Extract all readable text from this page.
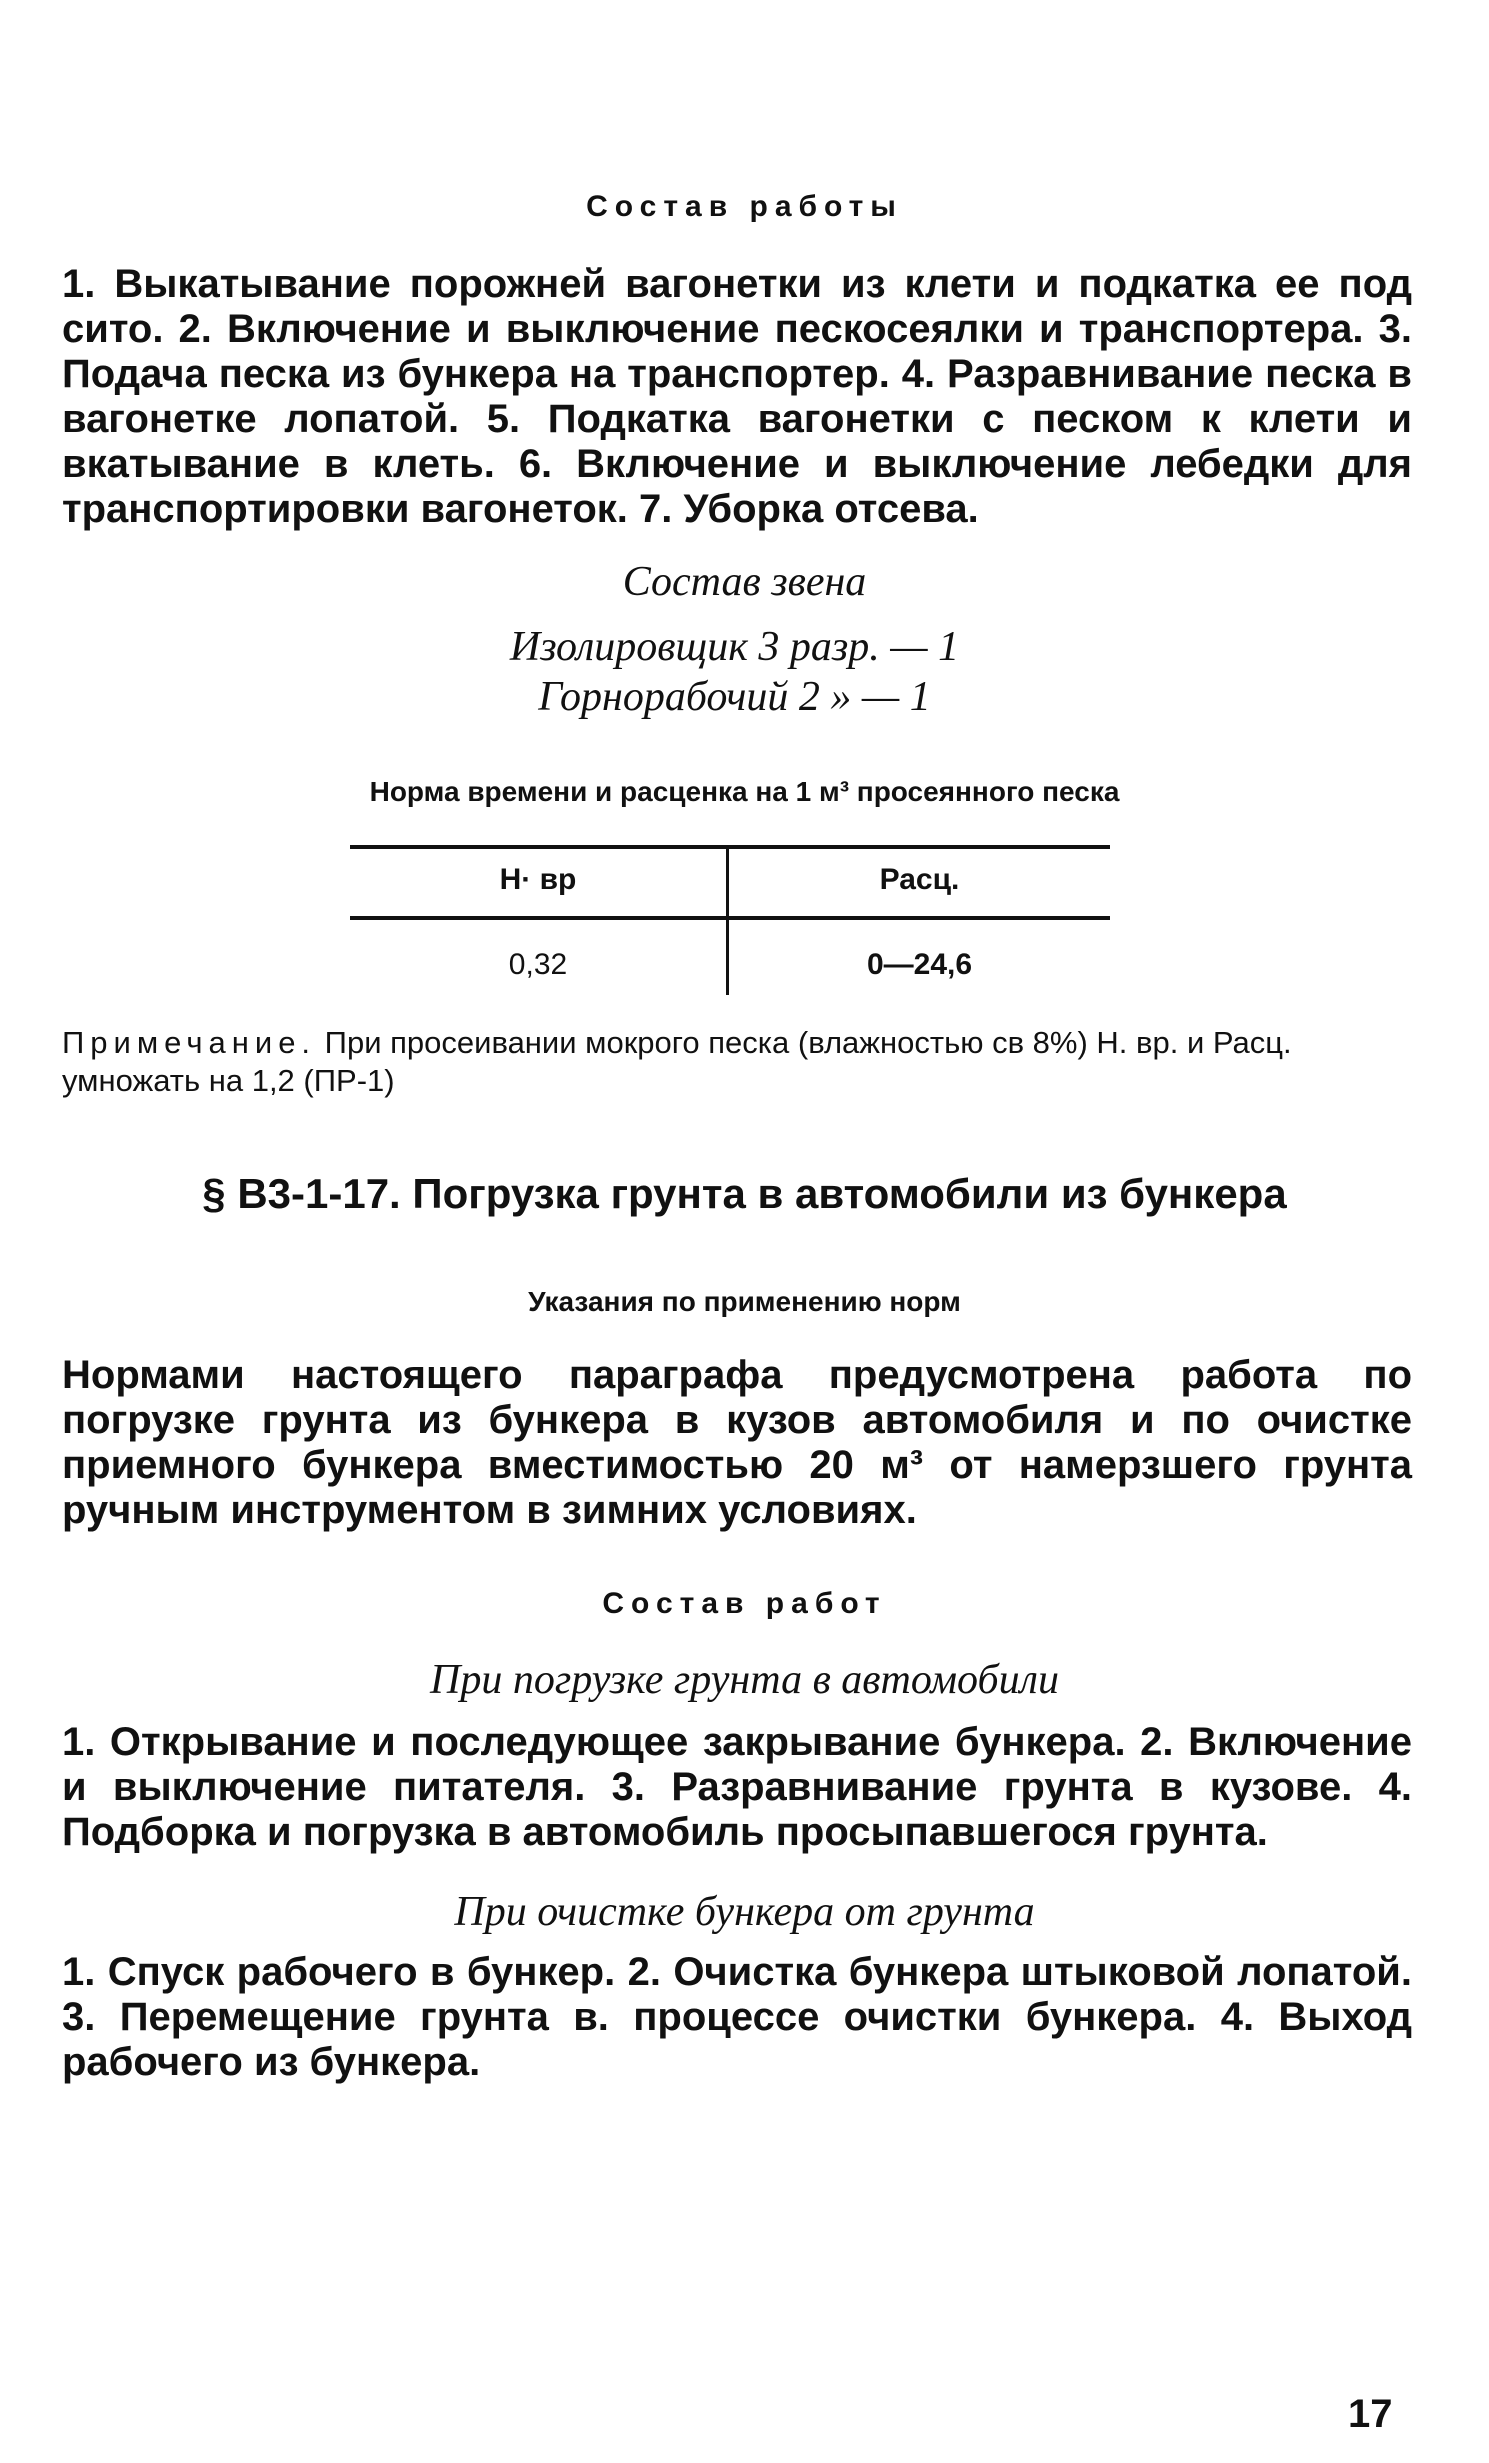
Состав работы

1. Выкатывание порожней вагонетки из клети и подкатка ее под сито. 2. Включение и выключение пескосеялки и транспортера. 3. Подача песка из бункера на транспортер. 4. Разравнивание песка в вагонетке лопатой. 5. Подкатка вагонетки с песком к клети и вкатывание в клеть. 6. Включение и выключение лебедки для транспортировки вагонеток. 7. Уборка отсева.

Состав звена
Изолировщик 3 разр. — 1
Горнорабочий 2 » — 1
Норма времени и расценка на 1 м³ просеянного песка
Н· вр	Расц.
0,32	0—24,6

Примечание. При просеивании мокрого песка (влажностью св 8%) Н. вр. и Расц. умножать на 1,2 (ПР-1)

§ В3-1-17. Погрузка грунта в автомобили из бункера
Указания по применению норм

Нормами настоящего параграфа предусмотрена работа по погрузке грунта из бункера в кузов автомобиля и по очистке приемного бункера вместимостью 20 м³ от намерзшего грунта ручным инструментом в зимних условиях.

Состав работ
При погрузке грунта в автомобили

1. Открывание и последующее закрывание бункера. 2. Включение и выключение питателя. 3. Разравнивание грунта в кузове. 4. Подборка и погрузка в автомобиль просыпавшегося грунта.

При очистке бункера от грунта

1. Спуск рабочего в бункер. 2. Очистка бункера штыковой лопатой. 3. Перемещение грунта в. процессе очистки бункера. 4. Выход рабочего из бункера.

17
